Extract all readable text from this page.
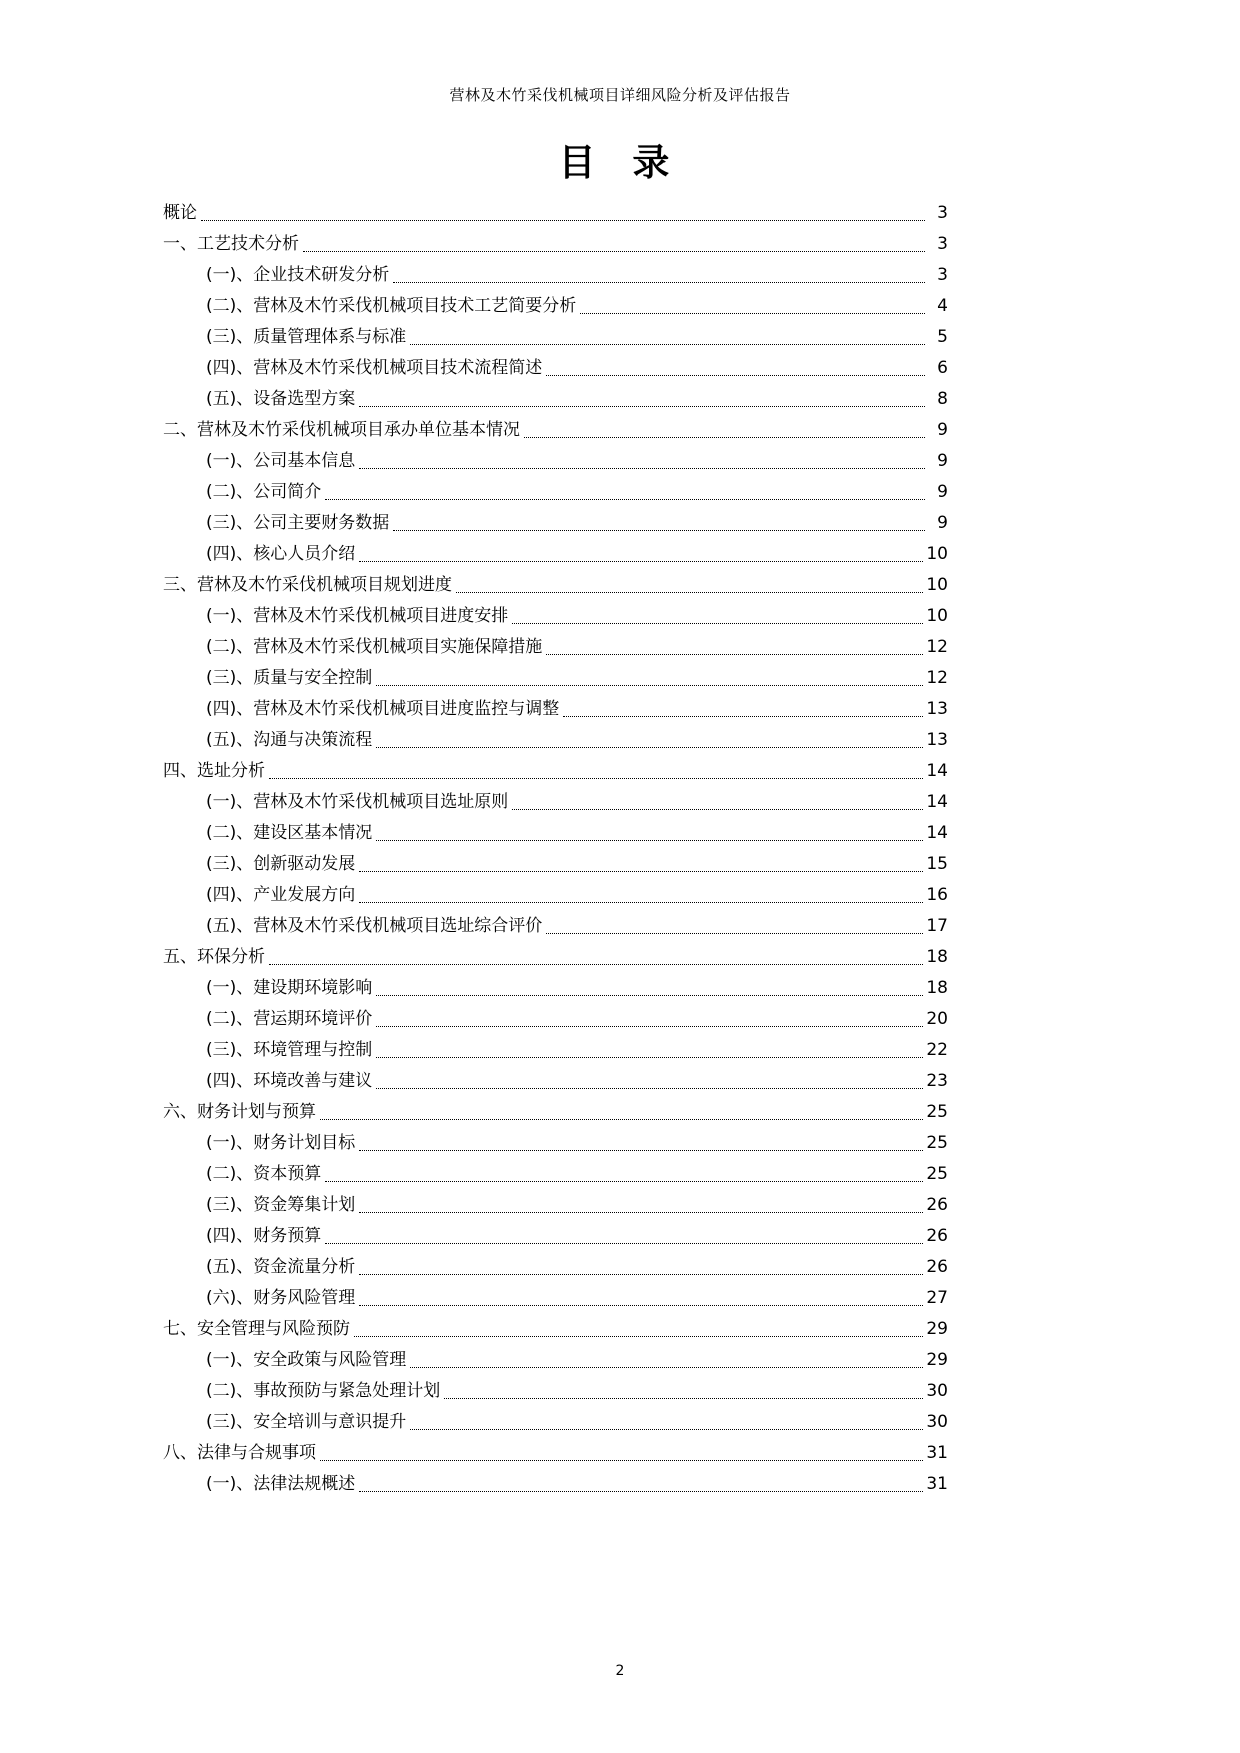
营林及木竹采伐机械项目详细风险分析及评估报告
目 录
概论	3
一、工艺技术分析	3
(一)、企业技术研发分析	3
(二)、营林及木竹采伐机械项目技术工艺简要分析	4
(三)、质量管理体系与标准	5
(四)、营林及木竹采伐机械项目技术流程简述	6
(五)、设备选型方案	8
二、营林及木竹采伐机械项目承办单位基本情况	9
(一)、公司基本信息	9
(二)、公司简介	9
(三)、公司主要财务数据	9
(四)、核心人员介绍	10
三、营林及木竹采伐机械项目规划进度	10
(一)、营林及木竹采伐机械项目进度安排	10
(二)、营林及木竹采伐机械项目实施保障措施	12
(三)、质量与安全控制	12
(四)、营林及木竹采伐机械项目进度监控与调整	13
(五)、沟通与决策流程	13
四、选址分析	14
(一)、营林及木竹采伐机械项目选址原则	14
(二)、建设区基本情况	14
(三)、创新驱动发展	15
(四)、产业发展方向	16
(五)、营林及木竹采伐机械项目选址综合评价	17
五、环保分析	18
(一)、建设期环境影响	18
(二)、营运期环境评价	20
(三)、环境管理与控制	22
(四)、环境改善与建议	23
六、财务计划与预算	25
(一)、财务计划目标	25
(二)、资本预算	25
(三)、资金筹集计划	26
(四)、财务预算	26
(五)、资金流量分析	26
(六)、财务风险管理	27
七、安全管理与风险预防	29
(一)、安全政策与风险管理	29
(二)、事故预防与紧急处理计划	30
(三)、安全培训与意识提升	30
八、法律与合规事项	31
(一)、法律法规概述	31
2
